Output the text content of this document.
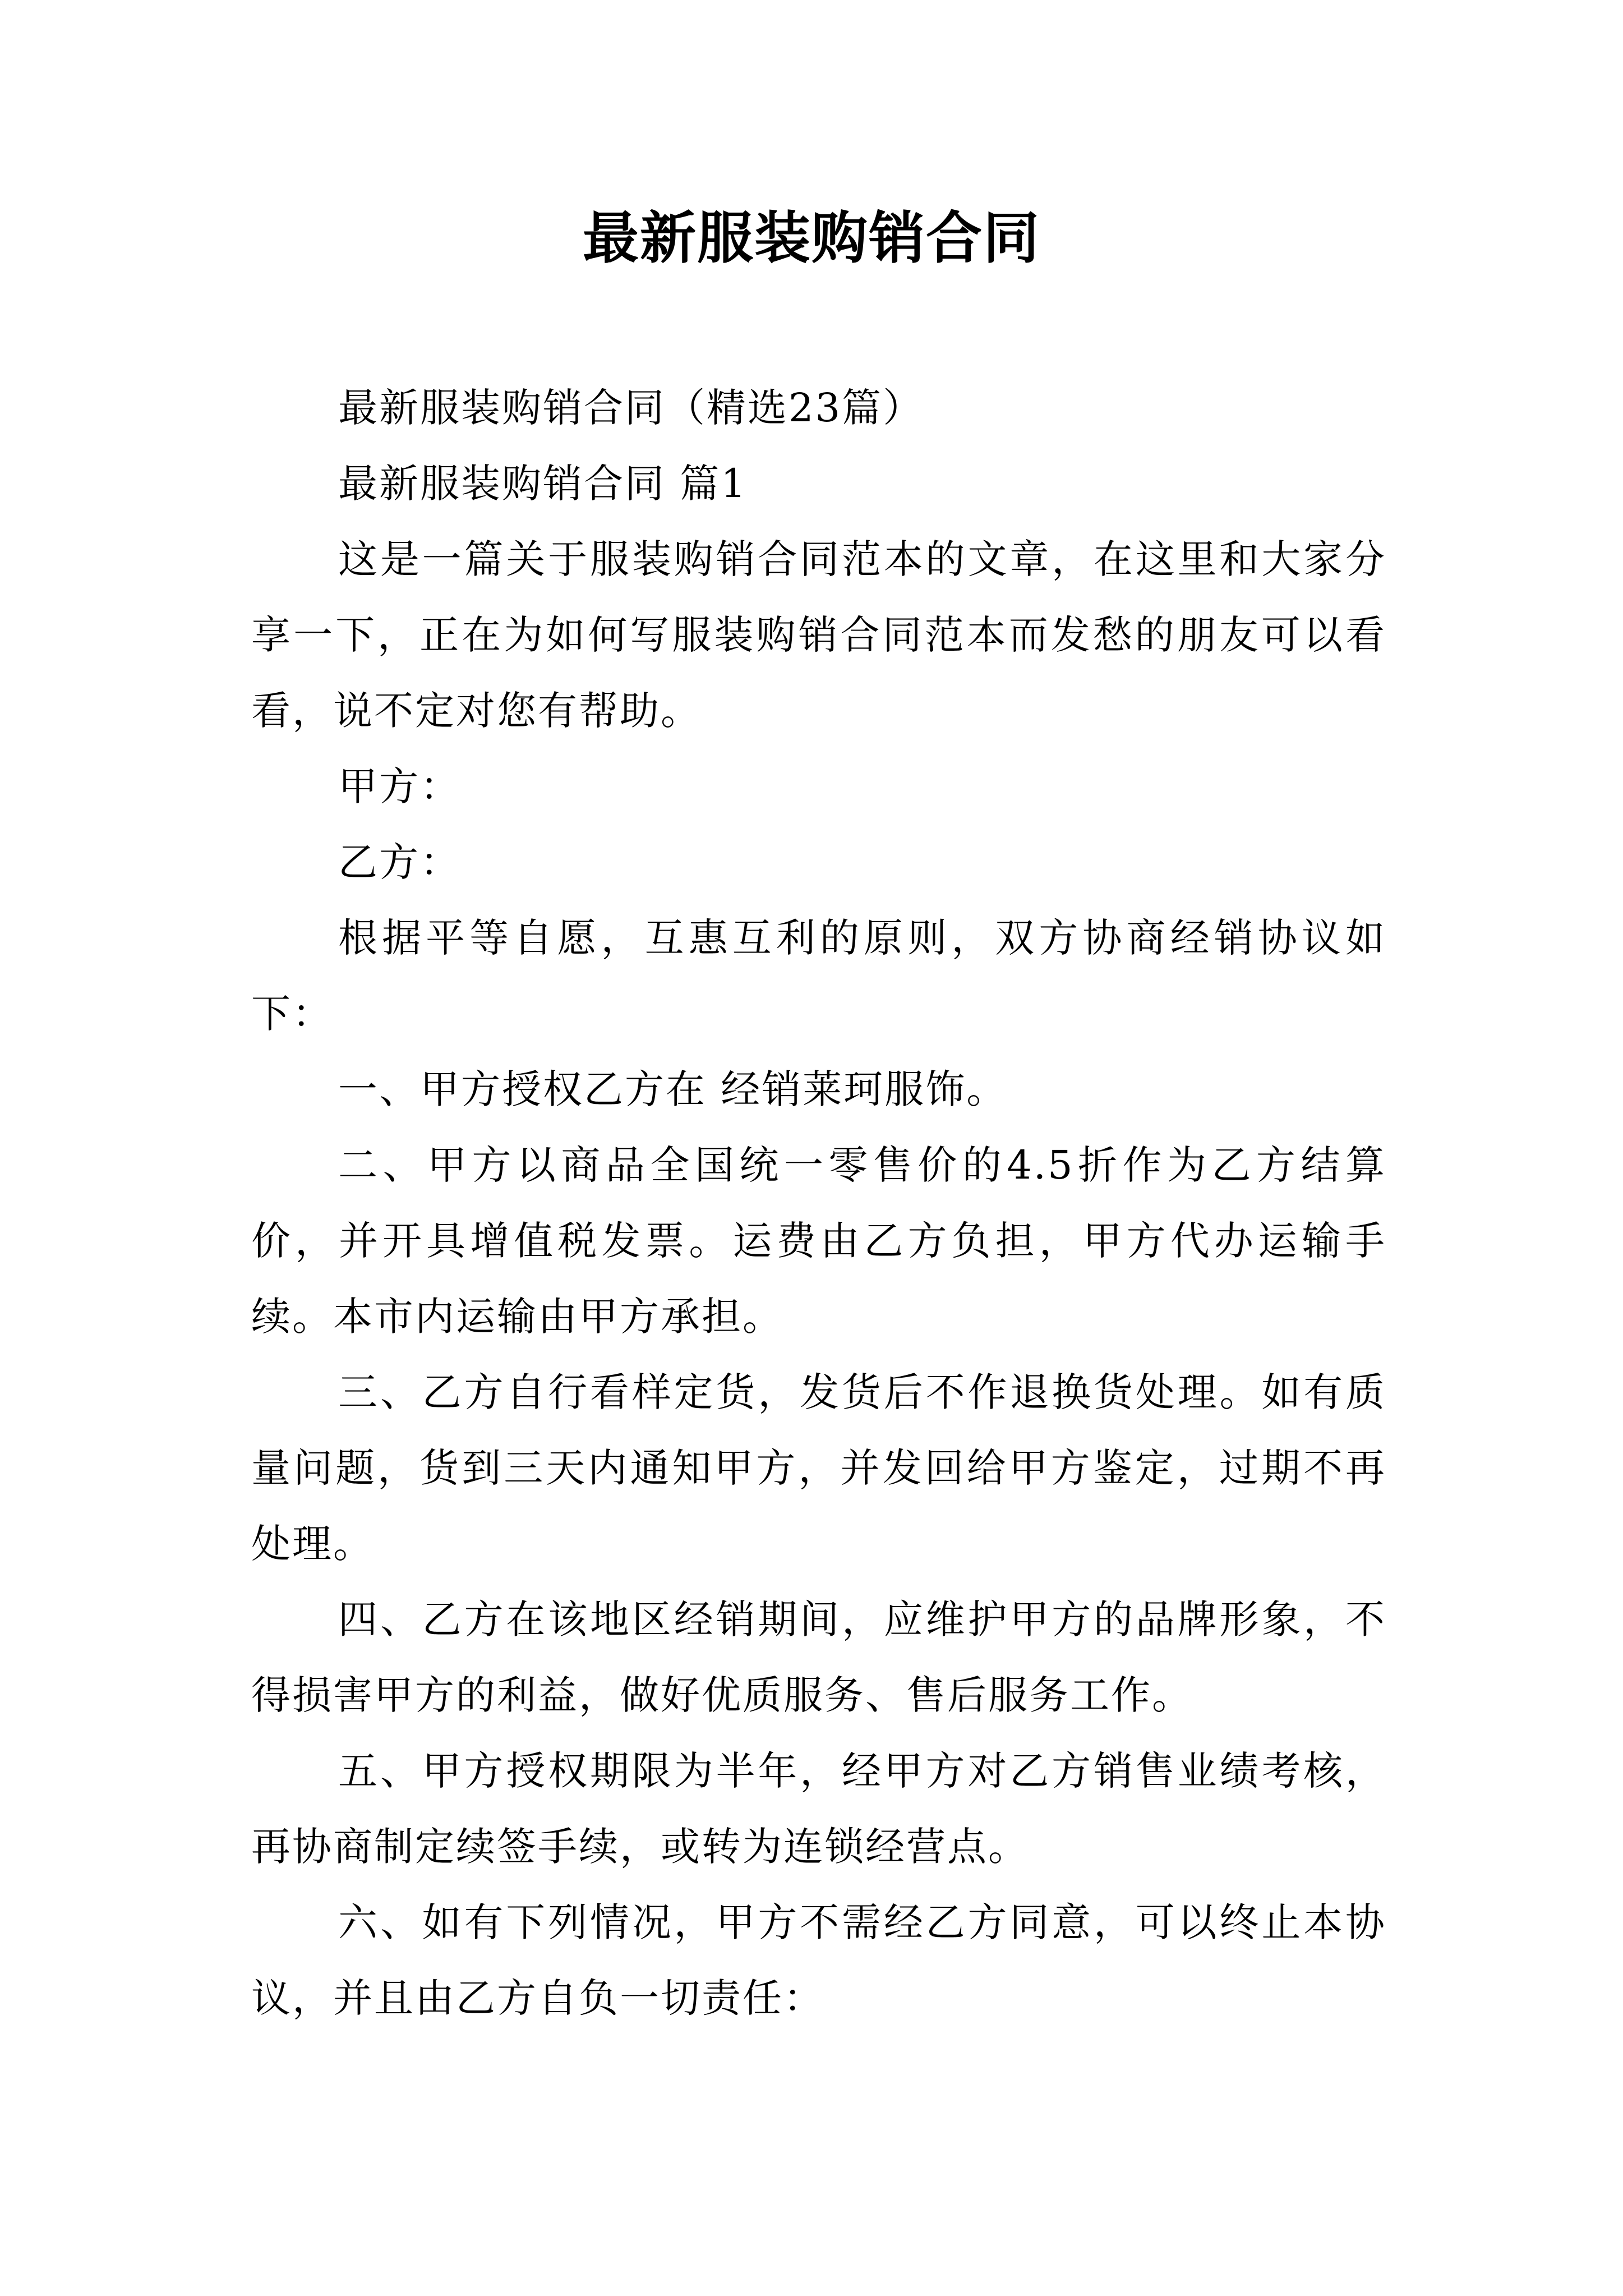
最新服装购销合同

最新服装购销合同（精选23篇）

最新服装购销合同 篇1

这是一篇关于服装购销合同范本的文章，在这里和大家分享一下，正在为如何写服装购销合同范本而发愁的朋友可以看看，说不定对您有帮助。

甲方：

乙方：

根据平等自愿，互惠互利的原则，双方协商经销协议如下：

一、甲方授权乙方在 经销莱珂服饰。

二、甲方以商品全国统一零售价的4.5折作为乙方结算价，并开具增值税发票。运费由乙方负担，甲方代办运输手续。本市内运输由甲方承担。

三、乙方自行看样定货，发货后不作退换货处理。如有质量问题，货到三天内通知甲方，并发回给甲方鉴定，过期不再处理。

四、乙方在该地区经销期间，应维护甲方的品牌形象，不得损害甲方的利益，做好优质服务、售后服务工作。

五、甲方授权期限为半年，经甲方对乙方销售业绩考核，再协商制定续签手续，或转为连锁经营点。

六、如有下列情况，甲方不需经乙方同意，可以终止本协议，并且由乙方自负一切责任：
